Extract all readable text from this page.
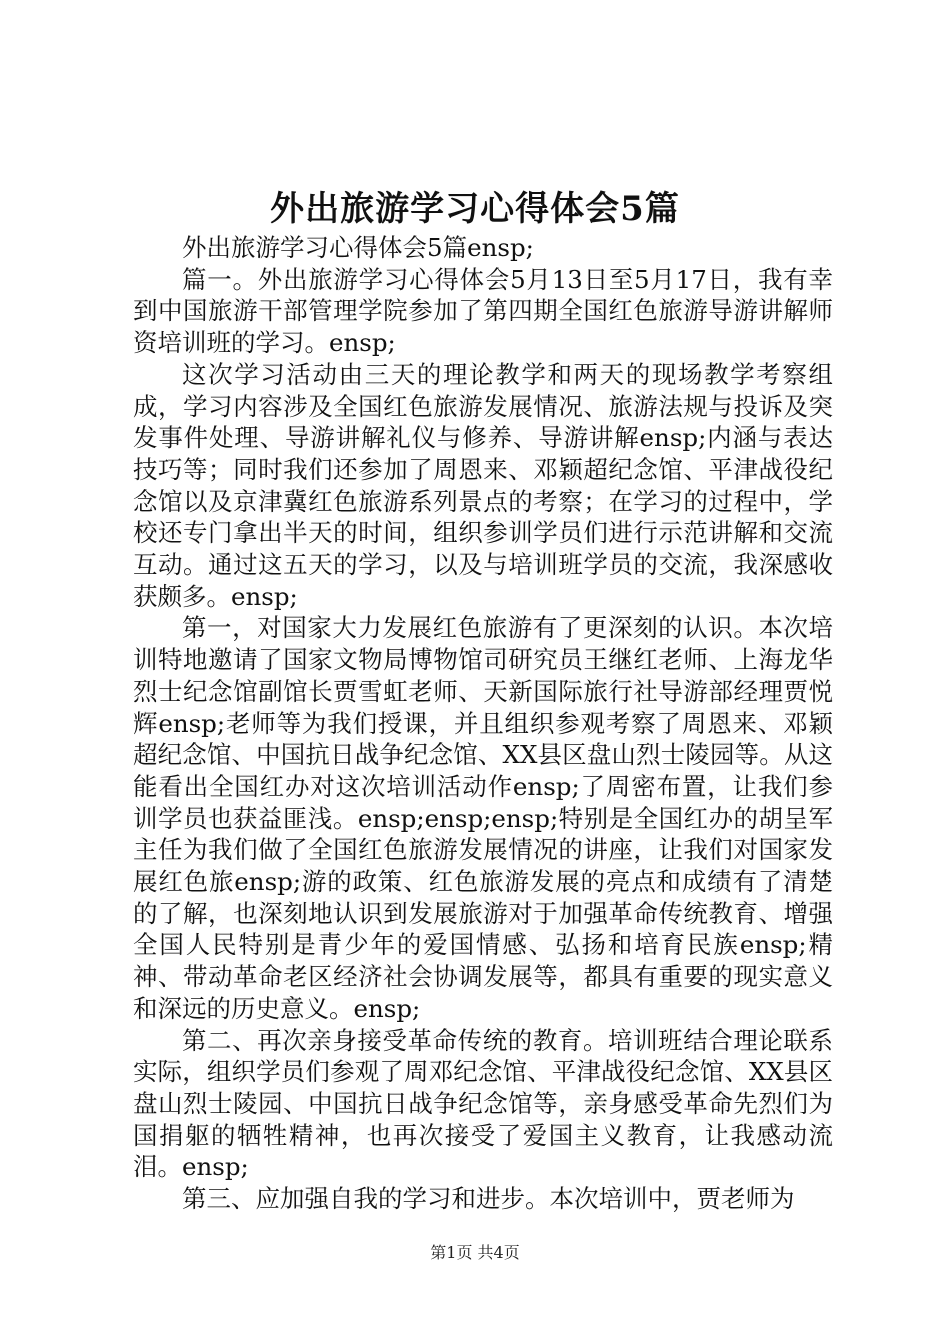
外出旅游学习心得体会5篇

外出旅游学习心得体会5篇ensp;

篇一。外出旅游学习心得体会5月13日至5月17日，我有幸到中国旅游干部管理学院参加了第四期全国红色旅游导游讲解师资培训班的学习。ensp;

这次学习活动由三天的理论教学和两天的现场教学考察组成，学习内容涉及全国红色旅游发展情况、旅游法规与投诉及突发事件处理、导游讲解礼仪与修养、导游讲解ensp;内涵与表达技巧等；同时我们还参加了周恩来、邓颖超纪念馆、平津战役纪念馆以及京津冀红色旅游系列景点的考察；在学习的过程中，学校还专门拿出半天的时间，组织参训学员们进行示范讲解和交流互动。通过这五天的学习，以及与培训班学员的交流，我深感收获颇多。ensp;

第一，对国家大力发展红色旅游有了更深刻的认识。本次培训特地邀请了国家文物局博物馆司研究员王继红老师、上海龙华烈士纪念馆副馆长贾雪虹老师、天新国际旅行社导游部经理贾悦辉ensp;老师等为我们授课，并且组织参观考察了周恩来、邓颖超纪念馆、中国抗日战争纪念馆、XX县区盘山烈士陵园等。从这能看出全国红办对这次培训活动作ensp;了周密布置，让我们参训学员也获益匪浅。ensp;ensp;ensp;特别是全国红办的胡呈军主任为我们做了全国红色旅游发展情况的讲座，让我们对国家发展红色旅ensp;游的政策、红色旅游发展的亮点和成绩有了清楚的了解，也深刻地认识到发展旅游对于加强革命传统教育、增强全国人民特别是青少年的爱国情感、弘扬和培育民族ensp;精神、带动革命老区经济社会协调发展等，都具有重要的现实意义和深远的历史意义。ensp;

第二、再次亲身接受革命传统的教育。培训班结合理论联系实际，组织学员们参观了周邓纪念馆、平津战役纪念馆、XX县区盘山烈士陵园、中国抗日战争纪念馆等，亲身感受革命先烈们为国捐躯的牺牲精神，也再次接受了爱国主义教育，让我感动流泪。ensp;

第三、应加强自我的学习和进步。本次培训中，贾老师为

第1页 共4页
